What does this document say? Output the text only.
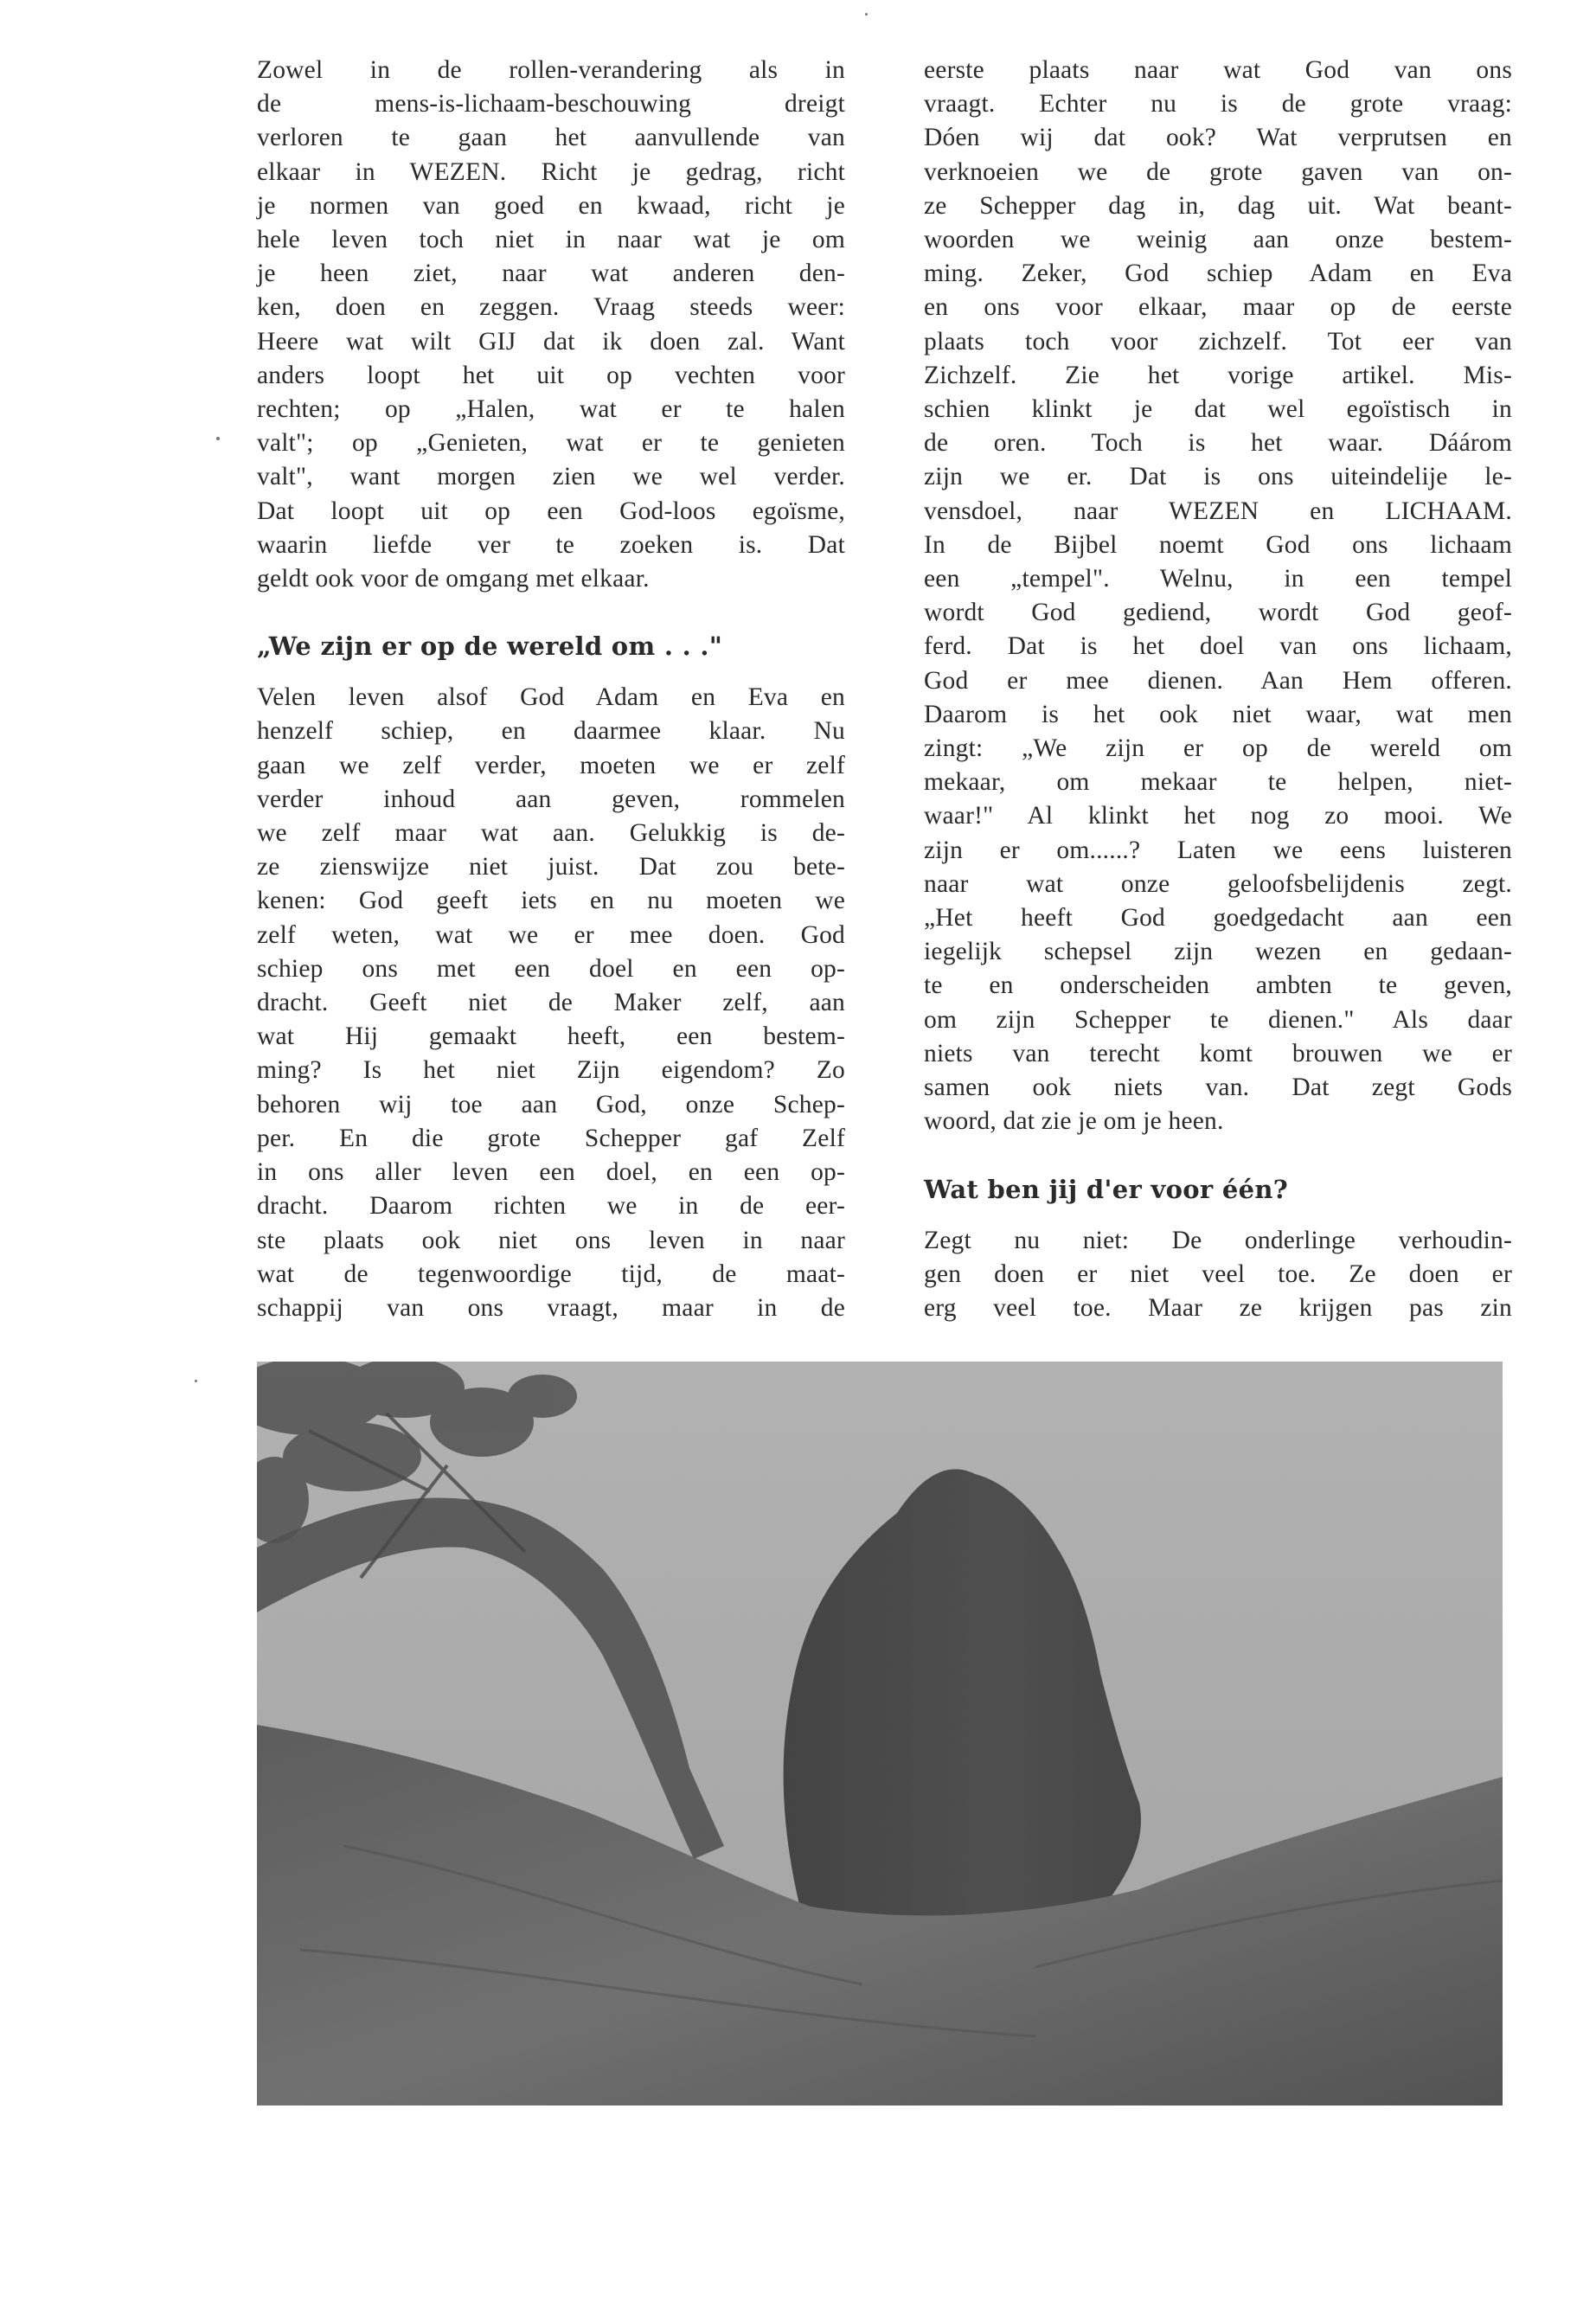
Zowel in de rollen-verandering als in
de mens-is-lichaam-beschouwing dreigt
verloren te gaan het aanvullende van
elkaar in WEZEN. Richt je gedrag, richt
je normen van goed en kwaad, richt je
hele leven toch niet in naar wat je om
je heen ziet, naar wat anderen den-
ken, doen en zeggen. Vraag steeds weer:
Heere wat wilt GIJ dat ik doen zal. Want
anders loopt het uit op vechten voor
rechten; op „Halen, wat er te halen
valt"; op „Genieten, wat er te genieten
valt", want morgen zien we wel verder.
Dat loopt uit op een God-loos egoïsme,
waarin liefde ver te zoeken is. Dat
geldt ook voor de omgang met elkaar.
„We zijn er op de wereld om . . ."
Velen leven alsof God Adam en Eva en
henzelf schiep, en daarmee klaar. Nu
gaan we zelf verder, moeten we er zelf
verder inhoud aan geven, rommelen
we zelf maar wat aan. Gelukkig is de-
ze zienswijze niet juist. Dat zou bete-
kenen: God geeft iets en nu moeten we
zelf weten, wat we er mee doen. God
schiep ons met een doel en een op-
dracht. Geeft niet de Maker zelf, aan
wat Hij gemaakt heeft, een bestem-
ming? Is het niet Zijn eigendom? Zo
behoren wij toe aan God, onze Schep-
per. En die grote Schepper gaf Zelf
in ons aller leven een doel, en een op-
dracht. Daarom richten we in de eer-
ste plaats ook niet ons leven in naar
wat de tegenwoordige tijd, de maat-
schappij van ons vraagt, maar in de
eerste plaats naar wat God van ons
vraagt. Echter nu is de grote vraag:
Dóen wij dat ook? Wat verprutsen en
verknoeien we de grote gaven van on-
ze Schepper dag in, dag uit. Wat beant-
woorden we weinig aan onze bestem-
ming. Zeker, God schiep Adam en Eva
en ons voor elkaar, maar op de eerste
plaats toch voor zichzelf. Tot eer van
Zichzelf. Zie het vorige artikel. Mis-
schien klinkt je dat wel egoïstisch in
de oren. Toch is het waar. Dáárom
zijn we er. Dat is ons uiteindelije le-
vensdoel, naar WEZEN en LICHAAM.
In de Bijbel noemt God ons lichaam
een „tempel". Welnu, in een tempel
wordt God gediend, wordt God geof-
ferd. Dat is het doel van ons lichaam,
God er mee dienen. Aan Hem offeren.
Daarom is het ook niet waar, wat men
zingt: „We zijn er op de wereld om
mekaar, om mekaar te helpen, niet-
waar!" Al klinkt het nog zo mooi. We
zijn er om......? Laten we eens luisteren
naar wat onze geloofsbelijdenis zegt.
„Het heeft God goedgedacht aan een
iegelijk schepsel zijn wezen en gedaan-
te en onderscheiden ambten te geven,
om zijn Schepper te dienen." Als daar
niets van terecht komt brouwen we er
samen ook niets van. Dat zegt Gods
woord, dat zie je om je heen.
Wat ben jij d'er voor één?
Zegt nu niet: De onderlinge verhoudin-
gen doen er niet veel toe. Ze doen er
erg veel toe. Maar ze krijgen pas zin
